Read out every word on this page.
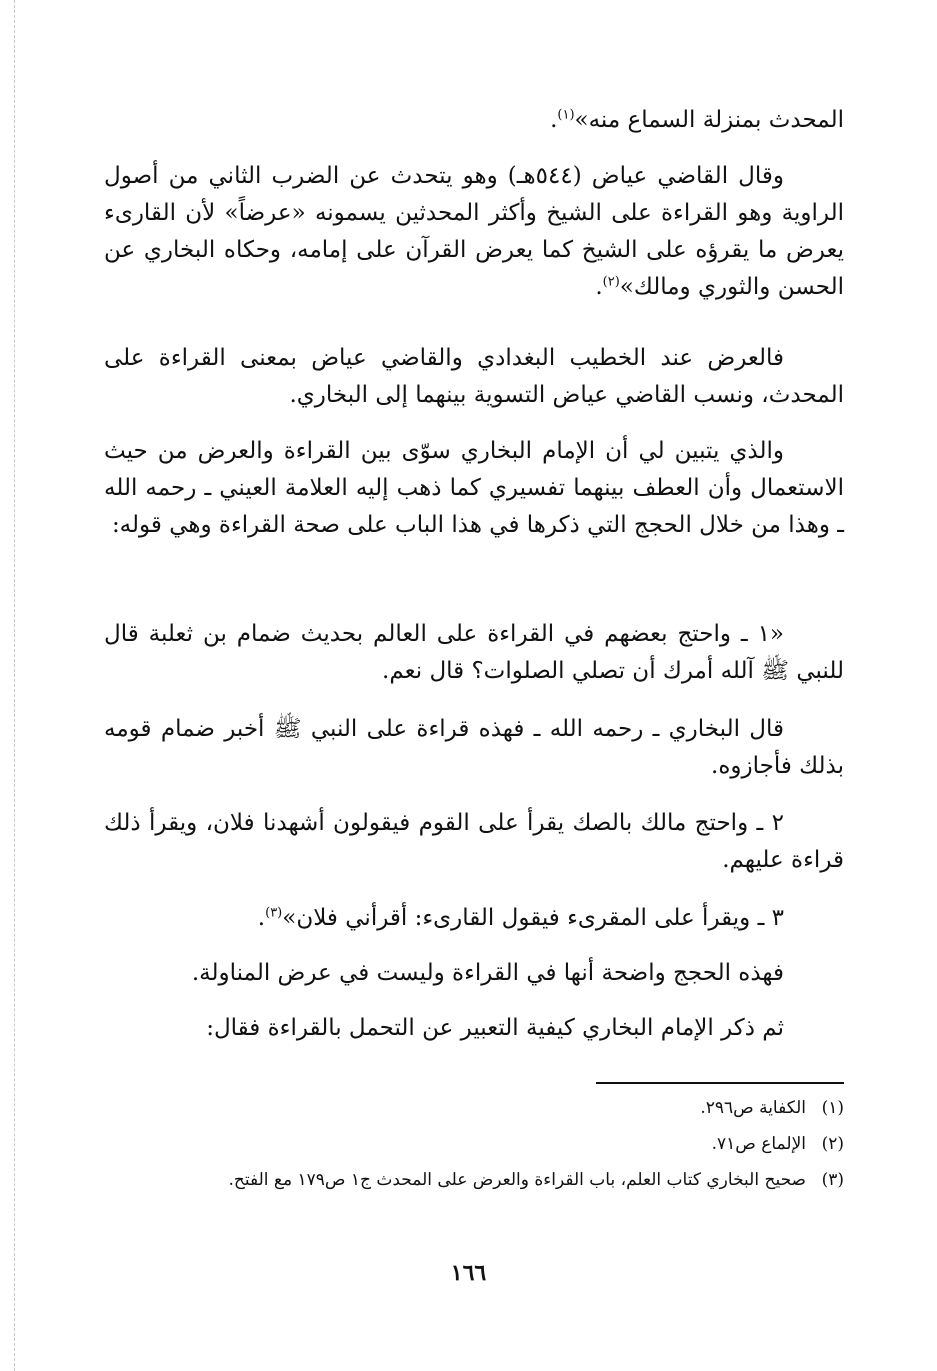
المحدث بمنزلة السماع منه»$^{(١)}$.

وقال القاضي عياض (٥٤٤هـ) وهو يتحدث عن الضرب الثاني من أصول الراوية وهو القراءة على الشيخ وأكثر المحدثين يسمونه «عرضاً» لأن القارىء يعرض ما يقرؤه على الشيخ كما يعرض القرآن على إمامه، وحكاه البخاري عن الحسن والثوري ومالك»$^{(٢)}$.

فالعرض عند الخطيب البغدادي والقاضي عياض بمعنى القراءة على المحدث، ونسب القاضي عياض التسوية بينهما إلى البخاري.

والذي يتبين لي أن الإمام البخاري سوّى بين القراءة والعرض من حيث الاستعمال وأن العطف بينهما تفسيري كما ذهب إليه العلامة العيني ـ رحمه الله ـ وهذا من خلال الحجج التي ذكرها في هذا الباب على صحة القراءة وهي قوله:

«١ ـ واحتج بعضهم في القراءة على العالم بحديث ضمام بن ثعلبة قال للنبي ﷺ آلله أمرك أن تصلي الصلوات؟ قال نعم.

قال البخاري ـ رحمه الله ـ فهذه قراءة على النبي ﷺ أخبر ضمام قومه بذلك فأجازوه.

٢ ـ واحتج مالك بالصك يقرأ على القوم فيقولون أشهدنا فلان، ويقرأ ذلك قراءة عليهم.

٣ ـ ويقرأ على المقرىء فيقول القارىء: أقرأني فلان»$^{(٣)}$.

فهذه الحجج واضحة أنها في القراءة وليست في عرض المناولة.

ثم ذكر الإمام البخاري كيفية التعبير عن التحمل بالقراءة فقال:

(١)الكفاية ص٢٩٦.

(٢)الإلماع ص٧١.

(٣)صحيح البخاري كتاب العلم، باب القراءة والعرض على المحدث ج١ ص١٧٩ مع الفتح.

١٦٦
